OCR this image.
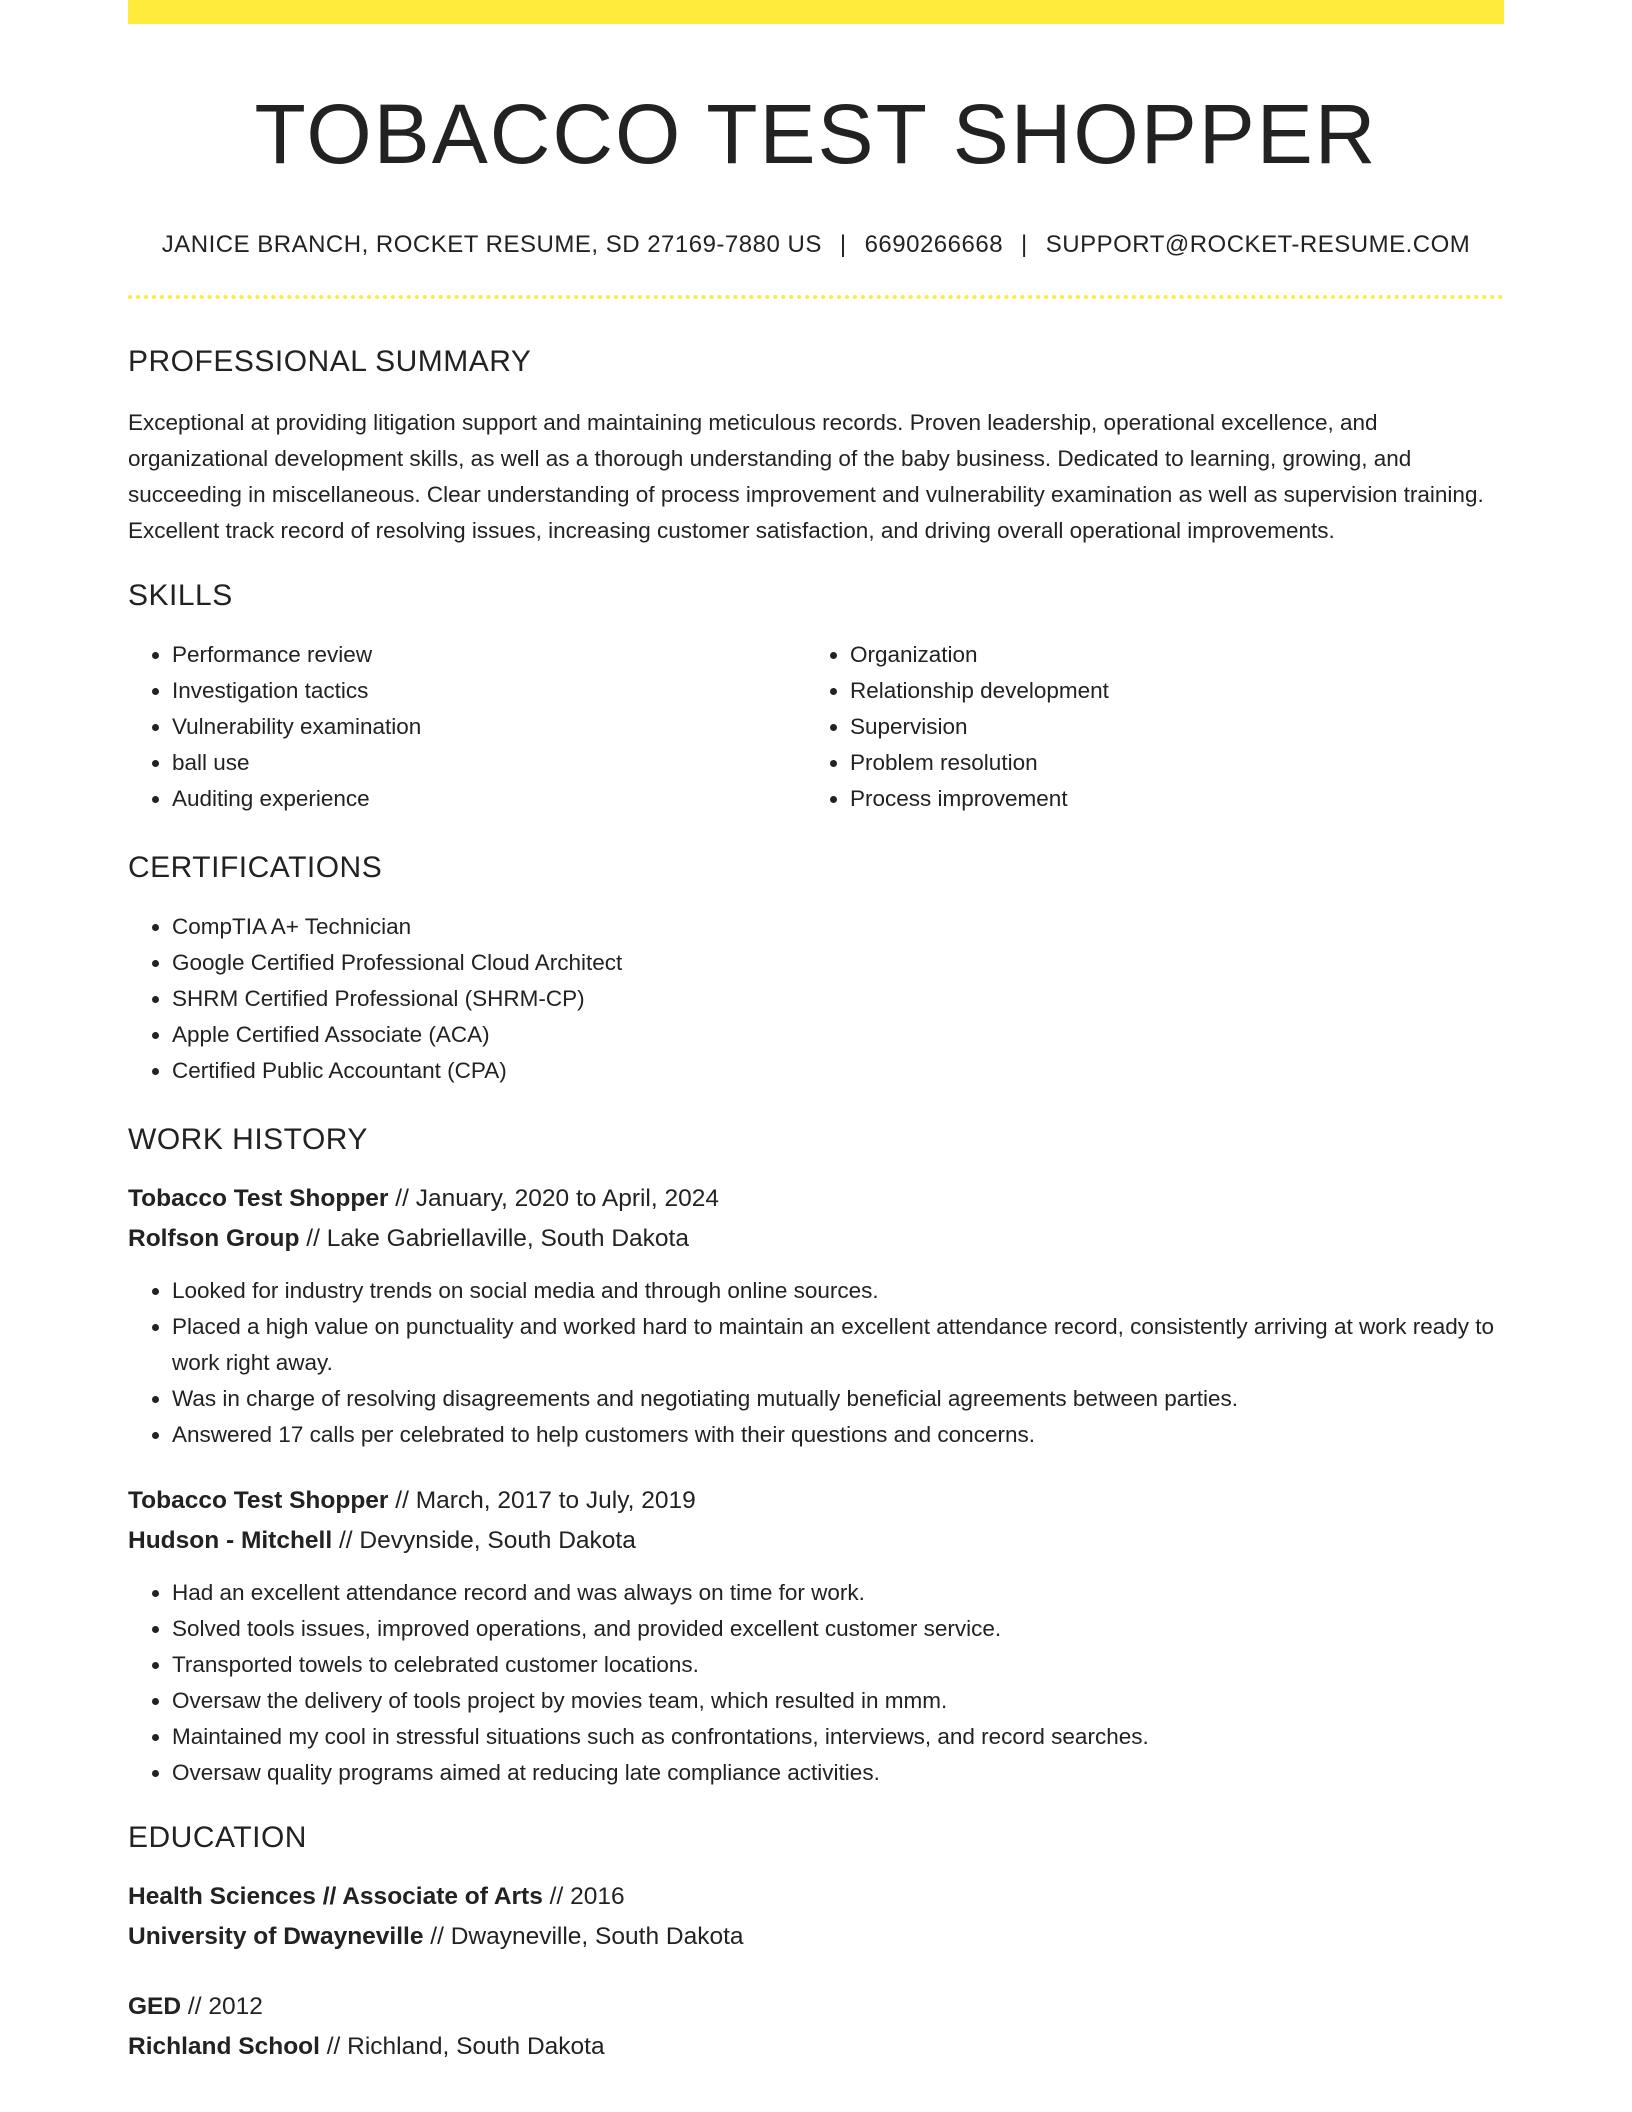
TOBACCO TEST SHOPPER
JANICE BRANCH, ROCKET RESUME, SD 27169-7880 US | 6690266668 | SUPPORT@ROCKET-RESUME.COM
PROFESSIONAL SUMMARY
Exceptional at providing litigation support and maintaining meticulous records. Proven leadership, operational excellence, and organizational development skills, as well as a thorough understanding of the baby business. Dedicated to learning, growing, and succeeding in miscellaneous. Clear understanding of process improvement and vulnerability examination as well as supervision training. Excellent track record of resolving issues, increasing customer satisfaction, and driving overall operational improvements.
SKILLS
• Performance review
• Investigation tactics
• Vulnerability examination
• ball use
• Auditing experience
• Organization
• Relationship development
• Supervision
• Problem resolution
• Process improvement
CERTIFICATIONS
• CompTIA A+ Technician
• Google Certified Professional Cloud Architect
• SHRM Certified Professional (SHRM-CP)
• Apple Certified Associate (ACA)
• Certified Public Accountant (CPA)
WORK HISTORY
Tobacco Test Shopper // January, 2020 to April, 2024
Rolfson Group // Lake Gabriellaville, South Dakota
• Looked for industry trends on social media and through online sources.
• Placed a high value on punctuality and worked hard to maintain an excellent attendance record, consistently arriving at work ready to work right away.
• Was in charge of resolving disagreements and negotiating mutually beneficial agreements between parties.
• Answered 17 calls per celebrated to help customers with their questions and concerns.
Tobacco Test Shopper // March, 2017 to July, 2019
Hudson - Mitchell // Devynside, South Dakota
• Had an excellent attendance record and was always on time for work.
• Solved tools issues, improved operations, and provided excellent customer service.
• Transported towels to celebrated customer locations.
• Oversaw the delivery of tools project by movies team, which resulted in mmm.
• Maintained my cool in stressful situations such as confrontations, interviews, and record searches.
• Oversaw quality programs aimed at reducing late compliance activities.
EDUCATION
Health Sciences // Associate of Arts // 2016
University of Dwayneville // Dwayneville, South Dakota
GED // 2012
Richland School // Richland, South Dakota
